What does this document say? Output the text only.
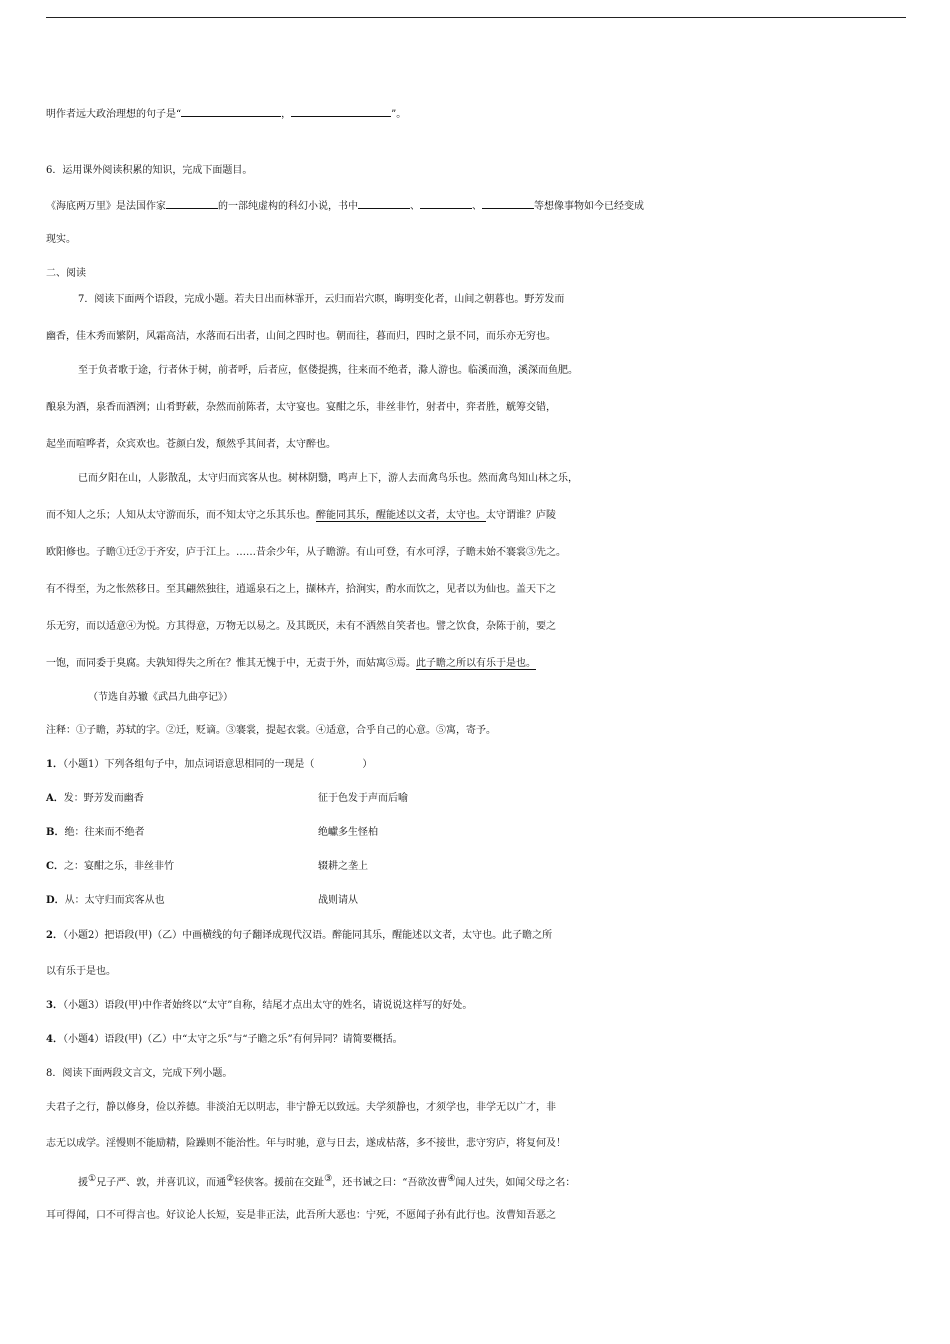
明作者远大政治理想的句子是“	，	”。
6．运用课外阅读积累的知识，完成下面题目。
《海底两万里》是法国作家	的一部纯虚构的科幻小说，书中	、	、	等想像事物如今已经变成
现实。
二、阅读
7．阅读下面两个语段，完成小题。若夫日出而林霏开，云归而岩穴暝，晦明变化者，山间之朝暮也。野芳发而
幽香，佳木秀而繁阴，风霜高洁，水落而石出者，山间之四时也。朝而往，暮而归，四时之景不同，而乐亦无穷也。
至于负者歌于途，行者休于树，前者呼，后者应，伛偻提携，往来而不绝者，滁人游也。临溪而渔，溪深而鱼肥。
酿泉为酒，泉香而酒洌；山肴野蔌，杂然而前陈者，太守宴也。宴酣之乐，非丝非竹，射者中，弈者胜，觥筹交错，
起坐而喧哗者，众宾欢也。苍颜白发，颓然乎其间者，太守醉也。
已而夕阳在山，人影散乱，太守归而宾客从也。树林阴翳，鸣声上下，游人去而禽鸟乐也。然而禽鸟知山林之乐，
而不知人之乐；人知从太守游而乐，而不知太守之乐其乐也。醉能同其乐，醒能述以文者，太守也。太守谓谁？庐陵
欧阳修也。子瞻①迁②于齐安，庐于江上。……昔余少年，从子瞻游。有山可登，有水可浮，子瞻未始不褰裳③先之。
有不得至，为之怅然移日。至其翩然独往，逍遥泉石之上，撷林卉，拾涧实，酌水而饮之，见者以为仙也。盖天下之
乐无穷，而以适意④为悦。方其得意，万物无以易之。及其既厌，未有不洒然自笑者也。譬之饮食，杂陈于前，要之
一饱，而同委于臭腐。夫孰知得失之所在？惟其无愧于中，无责于外，而姑寓⑤焉。此子瞻之所以有乐于是也。
（节选自苏辙《武昌九曲亭记》）
注释：①子瞻，苏轼的字。②迁，贬谪。③褰裳，提起衣裳。④适意，合乎自己的心意。⑤寓，寄予。
1．（小题1）下列各组句子中，加点词语意思相同的一现是（	）
A．发：野芳发而幽香	征于色发于声而后喻
B．绝：往来而不绝者	绝巘多生怪柏
C．之：宴酣之乐，非丝非竹	辍耕之垄上
D．从：太守归而宾客从也	战则请从
2．（小题2）把语段(甲)（乙）中画横线的句子翻译成现代汉语。醉能同其乐，醒能述以文者，太守也。此子瞻之所
以有乐于是也。
3．（小题3）语段(甲)中作者始终以“太守”自称，结尾才点出太守的姓名，请说说这样写的好处。
4．（小题4）语段(甲)（乙）中“太守之乐”与“子瞻之乐”有何异同？请简要概括。
8．阅读下面两段文言文，完成下列小题。
夫君子之行，静以修身，俭以养德。非淡泊无以明志，非宁静无以致远。夫学须静也，才须学也，非学无以广才，非
志无以成学。淫慢则不能励精，险躁则不能治性。年与时驰，意与日去，遂成枯落，多不接世，悲守穷庐，将复何及！
援①兄子严、敦，并喜讥议，而通②轻侠客。援前在交趾③，还书诫之曰：“吾欲汝曹④闻人过失，如闻父母之名：
耳可得闻，口不可得言也。好议论人长短，妄是非正法，此吾所大恶也：宁死，不愿闻子孙有此行也。汝曹知吾恶之
